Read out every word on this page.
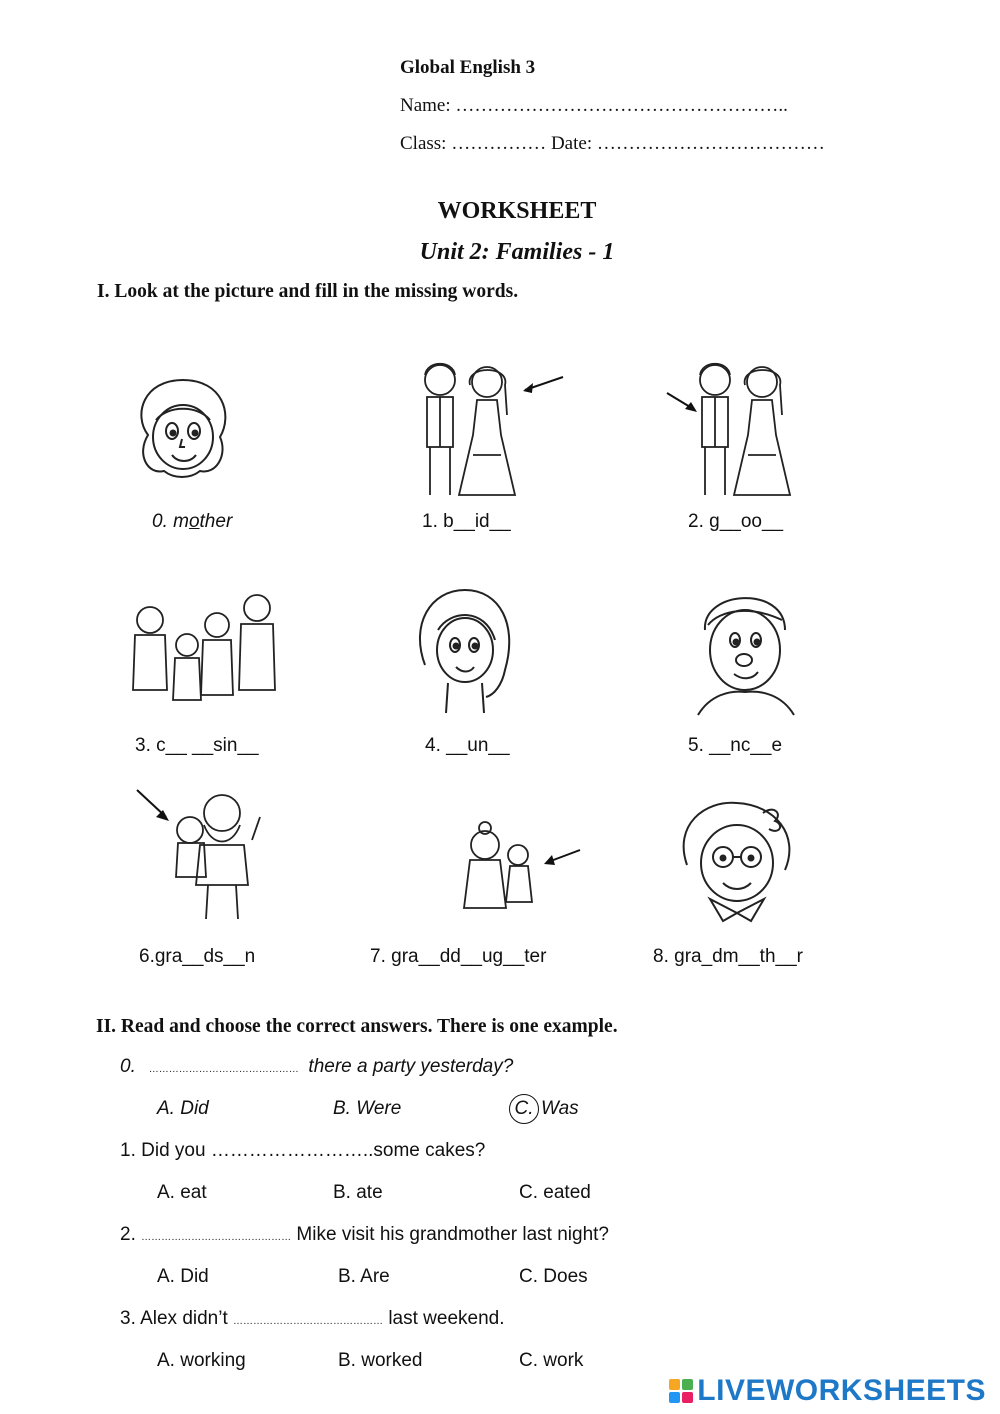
Global English 3
Name: ……………………………………………..
Class: …………… Date: ………………………………
WORKSHEET
Unit 2: Families - 1
I. Look at the picture and fill in the missing words.
0. mother	1. b__id__	2. g__oo__
3. c__ __sin__	4. __un__	5. __nc__e
6.gra__ds__n	7. gra__dd__ug__ter	8. gra_dm__th__r
II. Read and choose the correct answers. There is one example.
0. ……………………………………… there a party yesterday?
A. Did	B. Were	C. Was
1. Did you ……………………..some cakes?
A. eat	B. ate	C. eated
2. ……………………………………… Mike visit his grandmother last night?
A. Did	B. Are	C. Does
3. Alex didn’t ……………………………………… last weekend.
A. working	B. worked	C. work
LIVEWORKSHEETS
